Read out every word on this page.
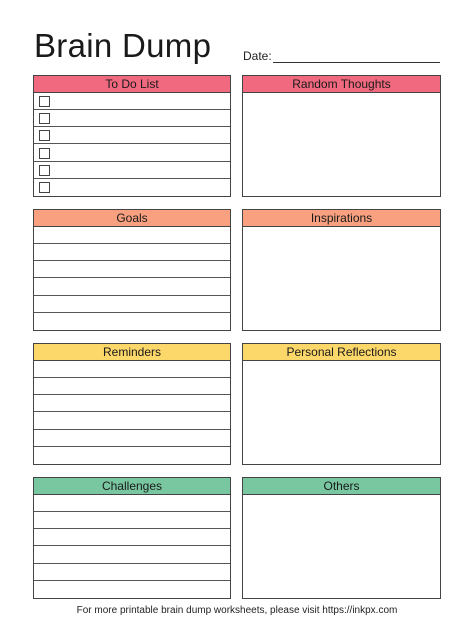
Brain Dump	Date:
To Do List	Random Thoughts
Goals	Inspirations
Reminders	Personal Reflections
Challenges	Others
For more printable brain dump worksheets, please visit https://inkpx.com
